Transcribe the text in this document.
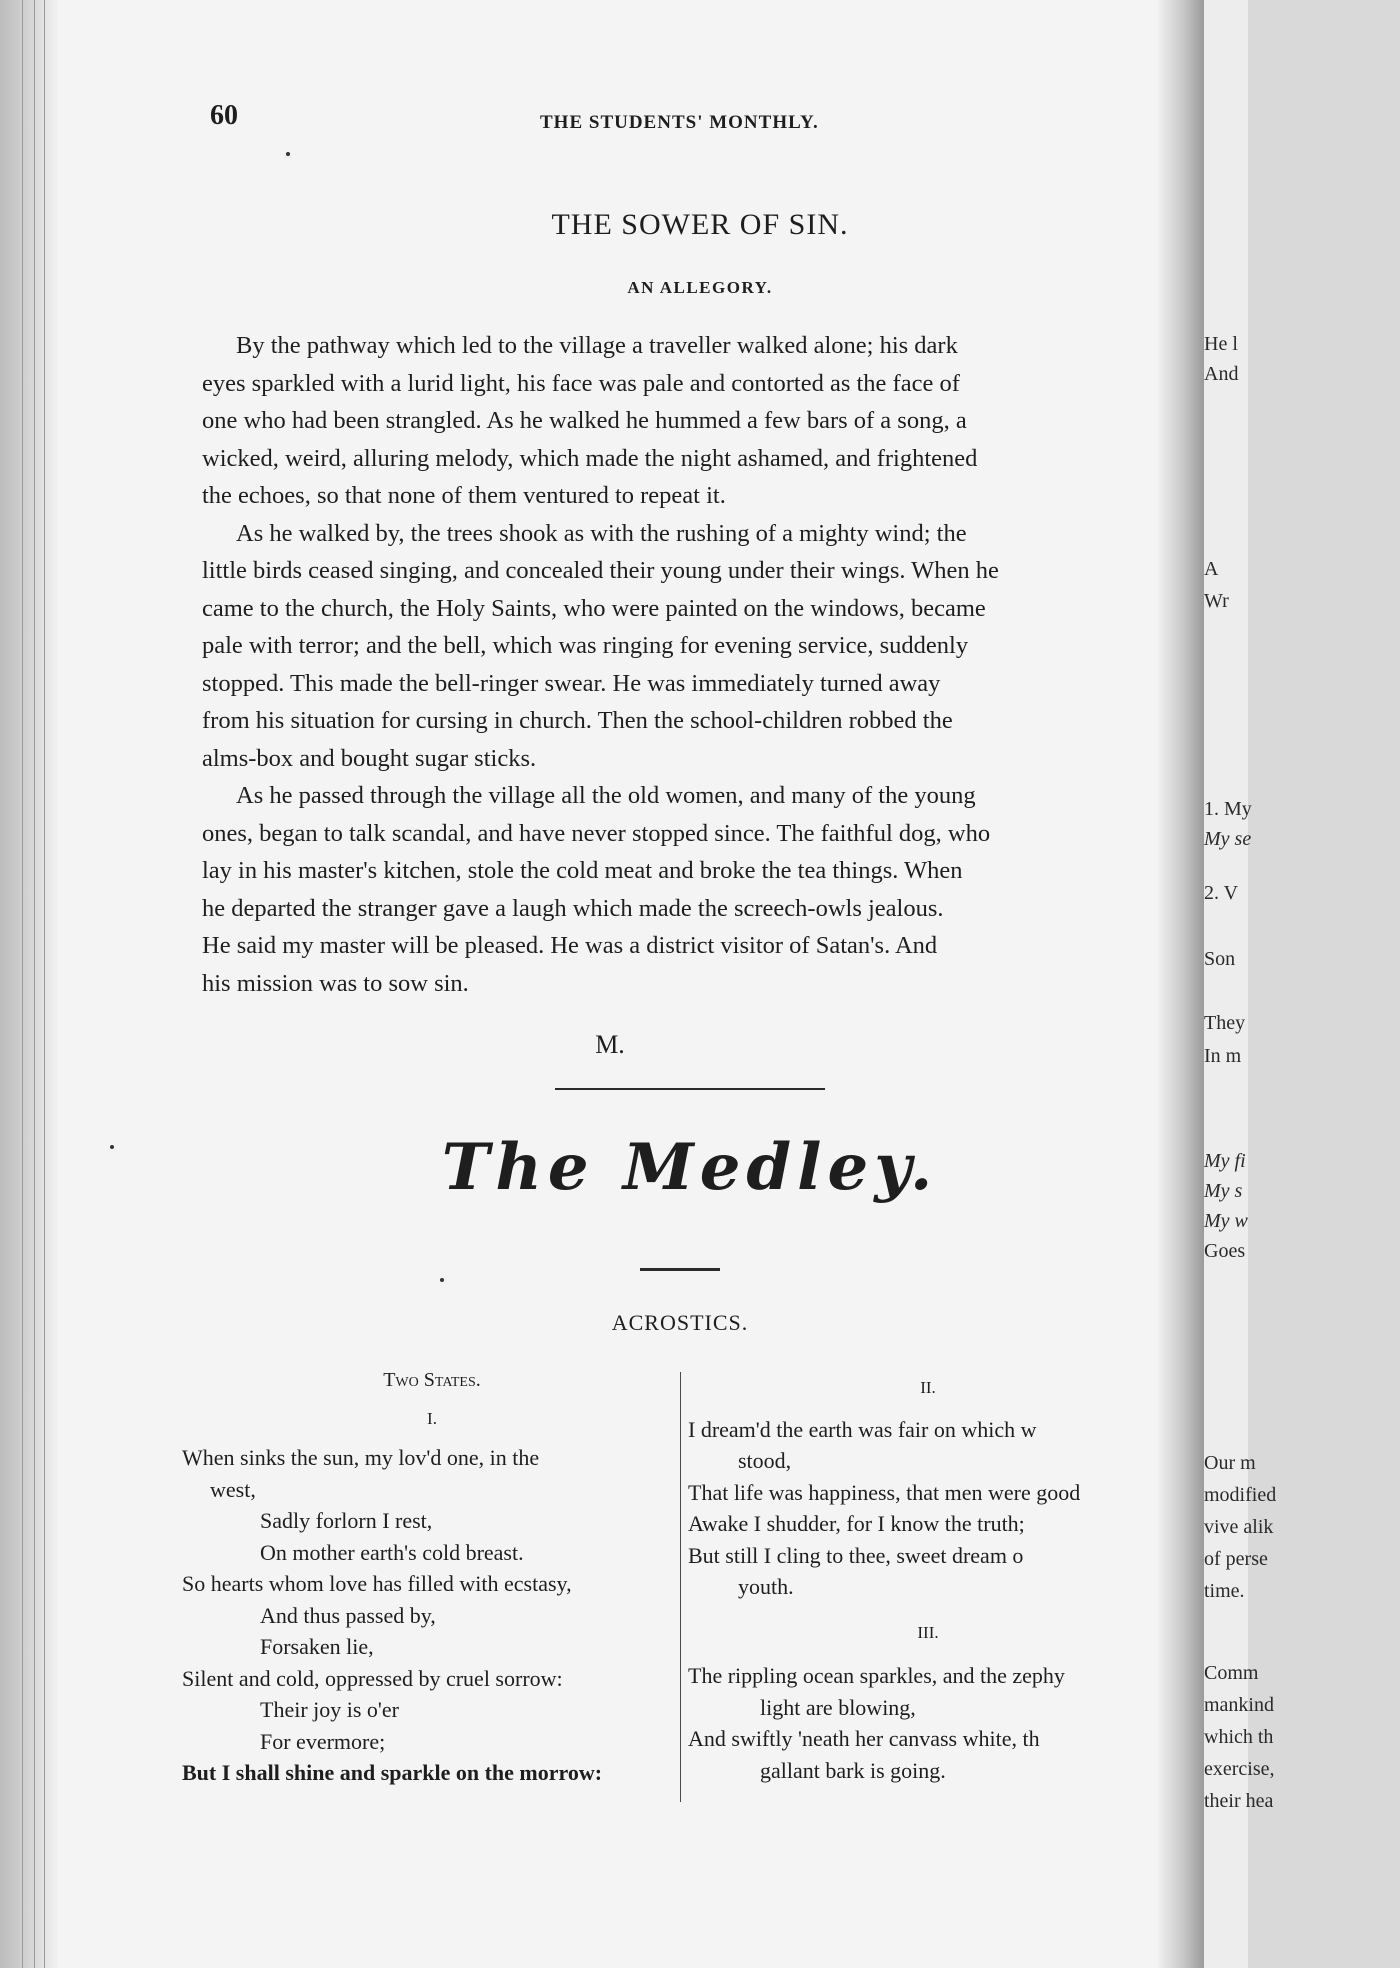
He l
And
A
Wr
1. My
My se
2. V
Son
They
In m
My fi
My s
My w
Goes
Our m
modified
vive alik
of perse
time.
Comm
mankind
which th
exercise,
their hea
60	THE STUDENTS' MONTHLY.
THE SOWER OF SIN.
AN ALLEGORY.
By the pathway which led to the village a traveller walked alone; his dark
eyes sparkled with a lurid light, his face was pale and contorted as the face of
one who had been strangled. As he walked he hummed a few bars of a song, a
wicked, weird, alluring melody, which made the night ashamed, and frightened
the echoes, so that none of them ventured to repeat it.
As he walked by, the trees shook as with the rushing of a mighty wind; the
little birds ceased singing, and concealed their young under their wings. When he
came to the church, the Holy Saints, who were painted on the windows, became
pale with terror; and the bell, which was ringing for evening service, suddenly
stopped. This made the bell-ringer swear. He was immediately turned away
from his situation for cursing in church. Then the school-children robbed the
alms-box and bought sugar sticks.
As he passed through the village all the old women, and many of the young
ones, began to talk scandal, and have never stopped since. The faithful dog, who
lay in his master's kitchen, stole the cold meat and broke the tea things. When
he departed the stranger gave a laugh which made the screech-owls jealous.
He said my master will be pleased. He was a district visitor of Satan's. And
his mission was to sow sin.
M.
The Medley.
ACROSTICS.
Two States.
I.
When sinks the sun, my lov'd one, in the
west,
Sadly forlorn I rest,
On mother earth's cold breast.
So hearts whom love has filled with ecstasy,
And thus passed by,
Forsaken lie,
Silent and cold, oppressed by cruel sorrow:
Their joy is o'er
For evermore;
But I shall shine and sparkle on the morrow:
II.
I dream'd the earth was fair on which w
stood,
That life was happiness, that men were good
Awake I shudder, for I know the truth;
But still I cling to thee, sweet dream o
youth.
III.
The rippling ocean sparkles, and the zephy
light are blowing,
And swiftly 'neath her canvass white, th
gallant bark is going.
